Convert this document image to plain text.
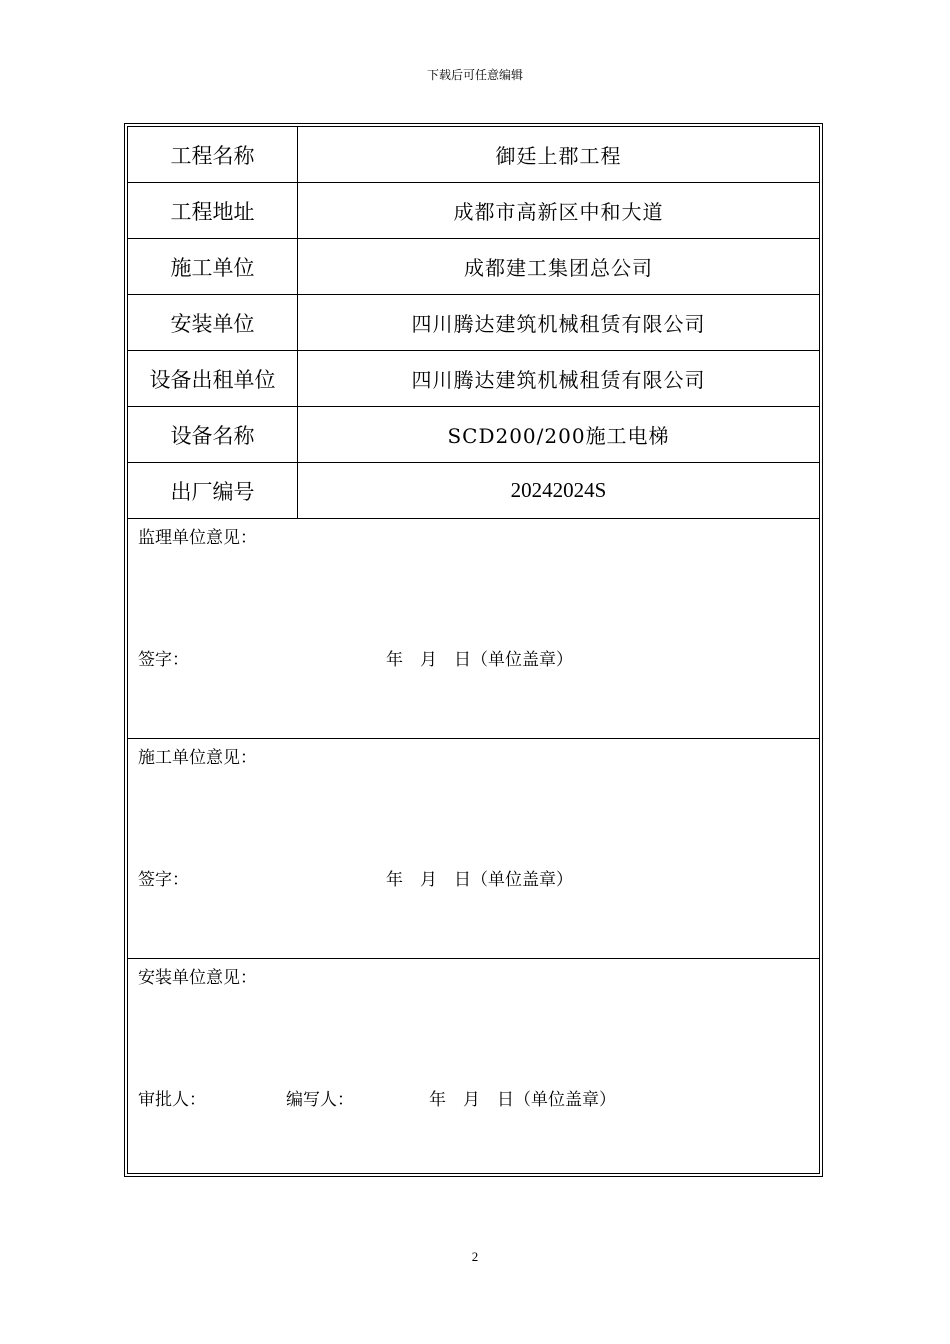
下载后可任意编辑
工程名称	御廷上郡工程
工程地址	成都市高新区中和大道
施工单位	成都建工集团总公司
安装单位	四川腾达建筑机械租赁有限公司
设备出租单位	四川腾达建筑机械租赁有限公司
设备名称	SCD200/200施工电梯
出厂编号	20242024S
监理单位意见：
签字：	年　月　日（单位盖章）
施工单位意见：
签字：	年　月　日（单位盖章）
安装单位意见：
审批人：	编写人：	年　月　日（单位盖章）
2
